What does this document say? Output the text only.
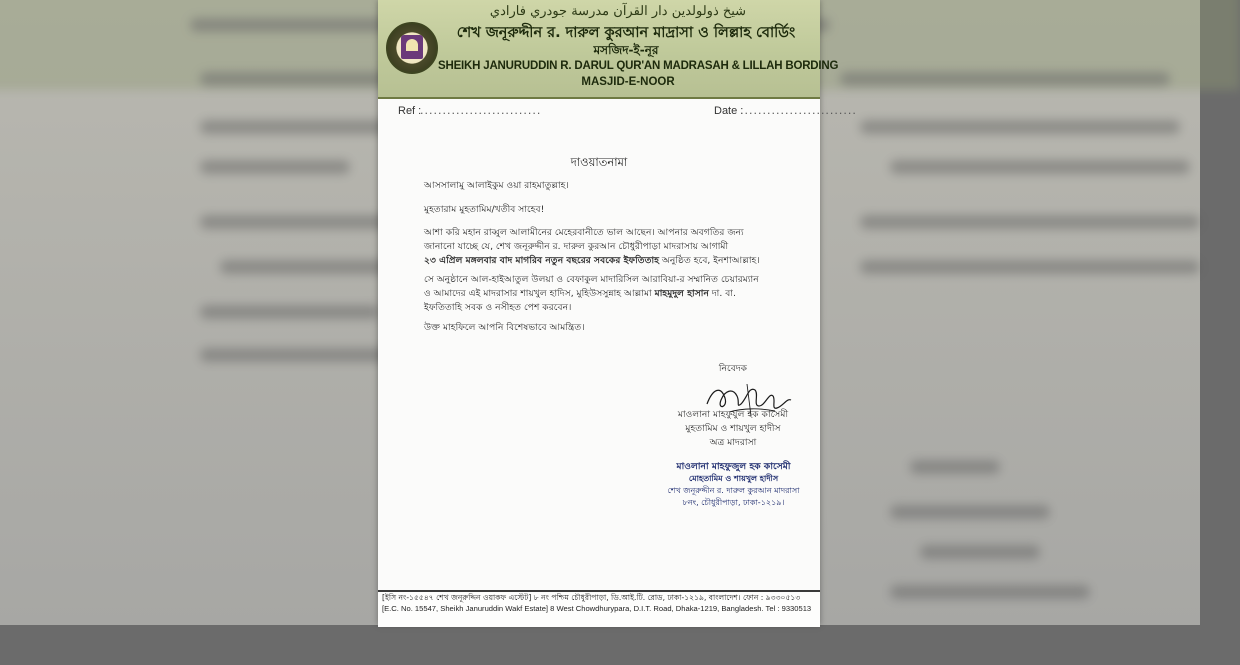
شيخ ذولولدين دار القرآن مدرسة جودري فارادي
শেখ জনূরুদ্দীন র. দারুল কুরআন মাদ্রাসা ও লিল্লাহ বোর্ডিং
মসজিদ-ই-নূর
SHEIKH JANURUDDIN R. DARUL QUR'AN MADRASAH & LILLAH BORDING
MASJID-E-NOOR
Ref :
...........................	Date :
..........................
দাওয়াতনামা
আসসালামু আলাইকুম ওয়া রাহমাতুল্লাহ।
মুহতারাম মুহতামিম/খতীব সাহেব!
আশা করি মহান রাব্বুল আলামীনের মেহেরবানীতে ভাল আছেন। আপনার অবগতির জন্য
জানানো যাচ্ছে যে, শেখ জনূরুদ্দীন র. দারুল কুরআন চৌধুরীপাড়া মাদরাসায় আগামী
২৩ এপ্রিল মঙ্গলবার বাদ মাগরিব নতুন বছরের সবকের ইফতিতাহ অনুষ্ঠিত হবে, ইনশাআল্লাহ।
সে অনুষ্ঠানে আল-হাইআতুল উলয়া ও বেফাকুল মাদারিসিল আরাবিয়া-র সম্মানিত চেয়ারম্যান
ও আমাদের এই মাদরাসার শায়খুল হাদিস, মুহিউসসুন্নাহ আল্লামা মাহমুদুল হাসান দা. বা.
ইফতিতাহি সবক ও নসীহত পেশ করবেন।
উক্ত মাহফিলে আপনি বিশেষভাবে আমন্ত্রিত।
নিবেদক
মাওলানা মাহফুযুল হক কাসেমী
মুহতামিম ও শায়খুল হাদীস
অত্র মাদরাসা
মাওলানা মাহফুজুল হক কাসেমী
মোহতামিম ও শায়খুল হাদীস
শেখ জনূরুদ্দীন র. দারুল কুরআন মাদরাসা
৮নং, চৌধুরীপাড়া, ঢাকা-১২১৯।
[ইসি নং-১৫৫৪৭ শেখ জনূরুদ্দিন ওয়াকফ এস্টেট] ৮ নং পশ্চিম চৌধুরীপাড়া, ডি.আই.টি. রোড, ঢাকা-১২১৯, বাংলাদেশ। ফোন : ৯৩৩০৫১৩
[E.C. No. 15547, Sheikh Januruddin Wakf Estate] 8 West Chowdhurypara, D.I.T. Road, Dhaka-1219, Bangladesh. Tel : 9330513
